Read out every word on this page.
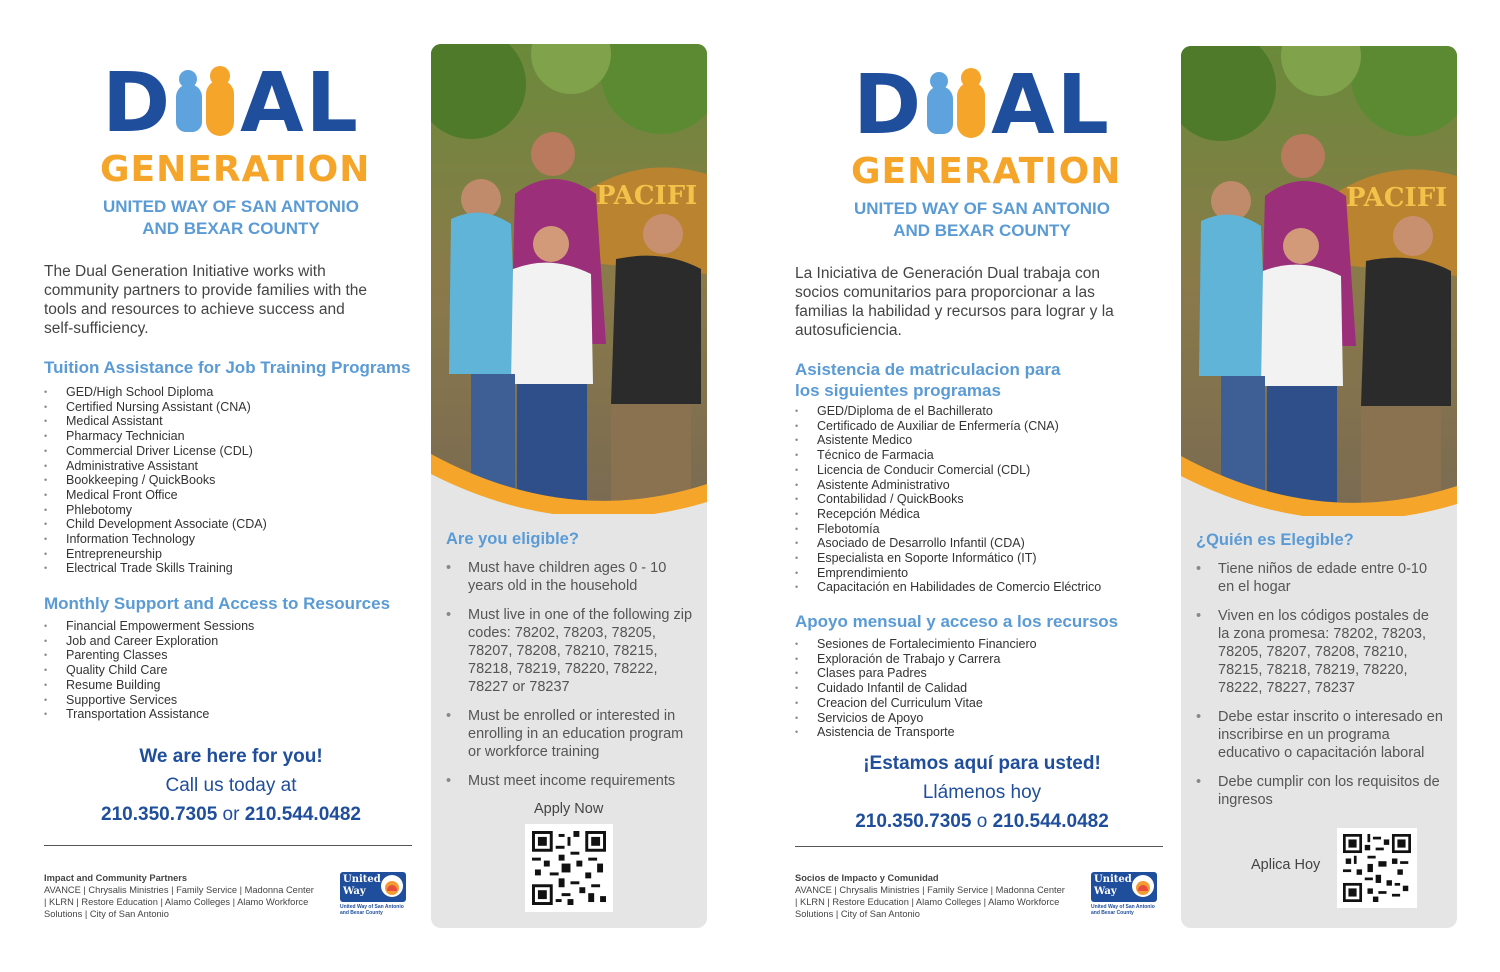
D AL
GENERATION
UNITED WAY OF SAN ANTONIO
AND BEXAR COUNTY

The Dual Generation Initiative works with community partners to provide families with the tools and resources to achieve success and self-sufficiency.

Tuition Assistance for Job Training Programs
• GED/High School Diploma
• Certified Nursing Assistant (CNA)
• Medical Assistant
• Pharmacy Technician
• Commercial Driver License (CDL)
• Administrative Assistant
• Bookkeeping / QuickBooks
• Medical Front Office
• Phlebotomy
• Child Development Associate (CDA)
• Information Technology
• Entrepreneurship
• Electrical Trade Skills Training
Monthly Support and Access to Resources
• Financial Empowerment Sessions
• Job and Career Exploration
• Parenting Classes
• Quality Child Care
• Resume Building
• Supportive Services
• Transportation Assistance
We are here for you!
Call us today at
210.350.7305 or 210.544.0482
Impact and Community Partners
AVANCE | Chrysalis Ministries | Family Service | Madonna Center | KLRN | Restore Education | Alamo Colleges | Alamo Workforce Solutions | City of San Antonio
United
Way
United Way of San Antonio and Bexar County
PACIFI
Are you eligible?
• Must have children ages 0 - 10 years old in the household
• Must live in one of the following zip codes: 78202, 78203, 78205, 78207, 78208, 78210, 78215, 78218, 78219, 78220, 78222, 78227 or 78237
• Must be enrolled or interested in enrolling in an education program or workforce training
• Must meet income requirements
Apply Now
D AL
GENERATION
UNITED WAY OF SAN ANTONIO
AND BEXAR COUNTY

La Iniciativa de Generación Dual trabaja con socios comunitarios para proporcionar a las familias la habilidad y recursos para lograr y la autosuficiencia.

Asistencia de matriculacion para
los siguientes programas
• GED/Diploma de el Bachillerato
• Certificado de Auxiliar de Enfermería (CNA)
• Asistente Medico
• Técnico de Farmacia
• Licencia de Conducir Comercial (CDL)
• Asistente Administrativo
• Contabilidad / QuickBooks
• Recepción Médica
• Flebotomía
• Asociado de Desarrollo Infantil (CDA)
• Especialista en Soporte Informático (IT)
• Emprendimiento
• Capacitación en Habilidades de Comercio Eléctrico
Apoyo mensual y acceso a los recursos
• Sesiones de Fortalecimiento Financiero
• Exploración de Trabajo y Carrera
• Clases para Padres
• Cuidado Infantil de Calidad
• Creacion del Curriculum Vitae
• Servicios de Apoyo
• Asistencia de Transporte
¡Estamos aquí para usted!
Llámenos hoy
210.350.7305 o 210.544.0482
Socios de Impacto y Comunidad
AVANCE | Chrysalis Ministries | Family Service | Madonna Center | KLRN | Restore Education | Alamo Colleges | Alamo Workforce Solutions | City of San Antonio
United
Way
United Way of San Antonio and Bexar County
PACIFI
¿Quién es Elegible?
• Tiene niños de edade entre 0-10 en el hogar
• Viven en los códigos postales de la zona promesa: 78202, 78203, 78205, 78207, 78208, 78210, 78215, 78218, 78219, 78220, 78222, 78227, 78237
• Debe estar inscrito o interesado en inscribirse en un programa educativo o capacitación laboral
• Debe cumplir con los requisitos de ingresos
Aplica Hoy
